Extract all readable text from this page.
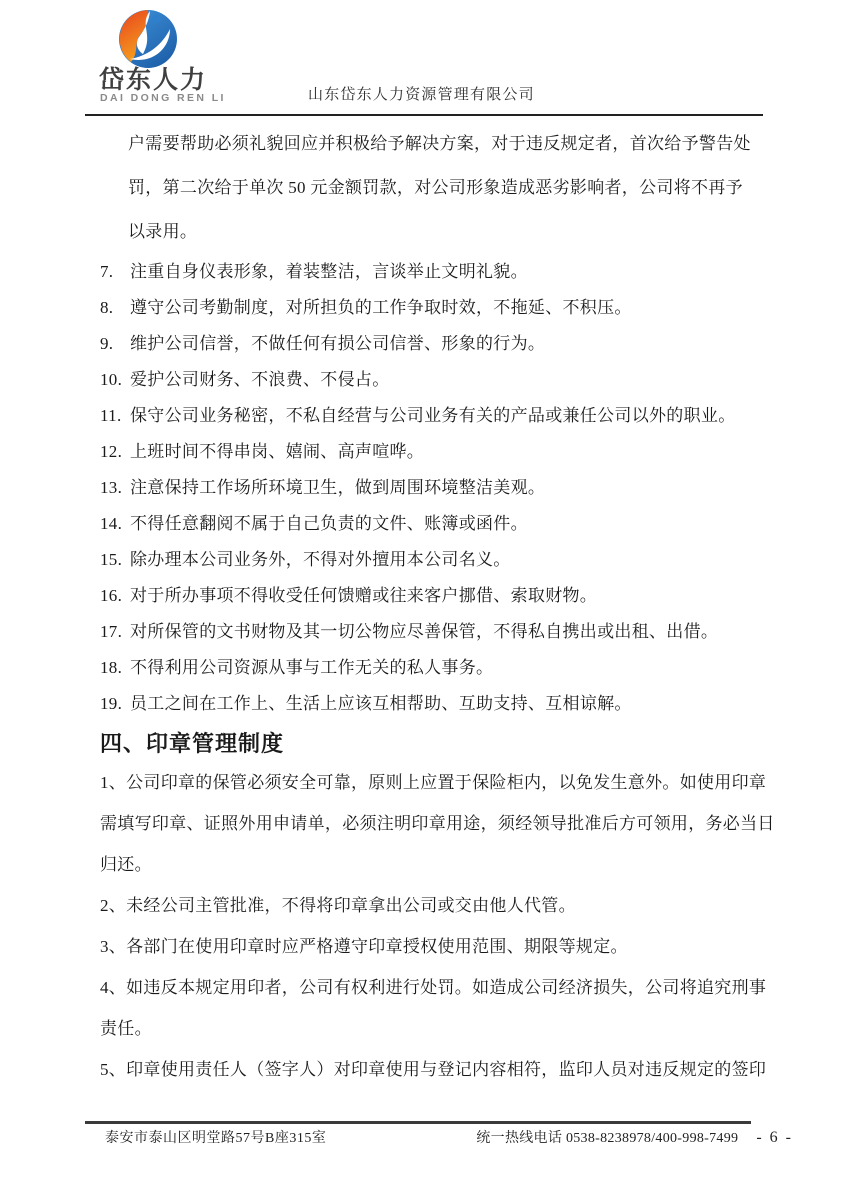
岱东人力
DAI DONG REN LI	山东岱东人力资源管理有限公司
户需要帮助必须礼貌回应并积极给予解决方案，对于违反规定者，首次给予警告处
罚，第二次给于单次 50 元金额罚款，对公司形象造成恶劣影响者，公司将不再予
以录用。
7. 注重自身仪表形象，着装整洁，言谈举止文明礼貌。
8. 遵守公司考勤制度，对所担负的工作争取时效，不拖延、不积压。
9. 维护公司信誉，不做任何有损公司信誉、形象的行为。
10. 爱护公司财务、不浪费、不侵占。
11. 保守公司业务秘密，不私自经营与公司业务有关的产品或兼任公司以外的职业。
12. 上班时间不得串岗、嬉闹、高声喧哗。
13. 注意保持工作场所环境卫生，做到周围环境整洁美观。
14. 不得任意翻阅不属于自己负责的文件、账簿或函件。
15. 除办理本公司业务外，不得对外擅用本公司名义。
16. 对于所办事项不得收受任何馈赠或往来客户挪借、索取财物。
17. 对所保管的文书财物及其一切公物应尽善保管，不得私自携出或出租、出借。
18. 不得利用公司资源从事与工作无关的私人事务。
19. 员工之间在工作上、生活上应该互相帮助、互助支持、互相谅解。
四、印章管理制度
1、公司印章的保管必须安全可靠，原则上应置于保险柜内，以免发生意外。如使用印章
需填写印章、证照外用申请单，必须注明印章用途，须经领导批准后方可领用，务必当日
归还。
2、未经公司主管批准，不得将印章拿出公司或交由他人代管。
3、各部门在使用印章时应严格遵守印章授权使用范围、期限等规定。
4、如违反本规定用印者，公司有权利进行处罚。如造成公司经济损失，公司将追究刑事
责任。
5、印章使用责任人（签字人）对印章使用与登记内容相符，监印人员对违反规定的签印
泰安市泰山区明堂路57号B座315室	统一热线电话 0538-8238978/400-998-7499 - 6 -
